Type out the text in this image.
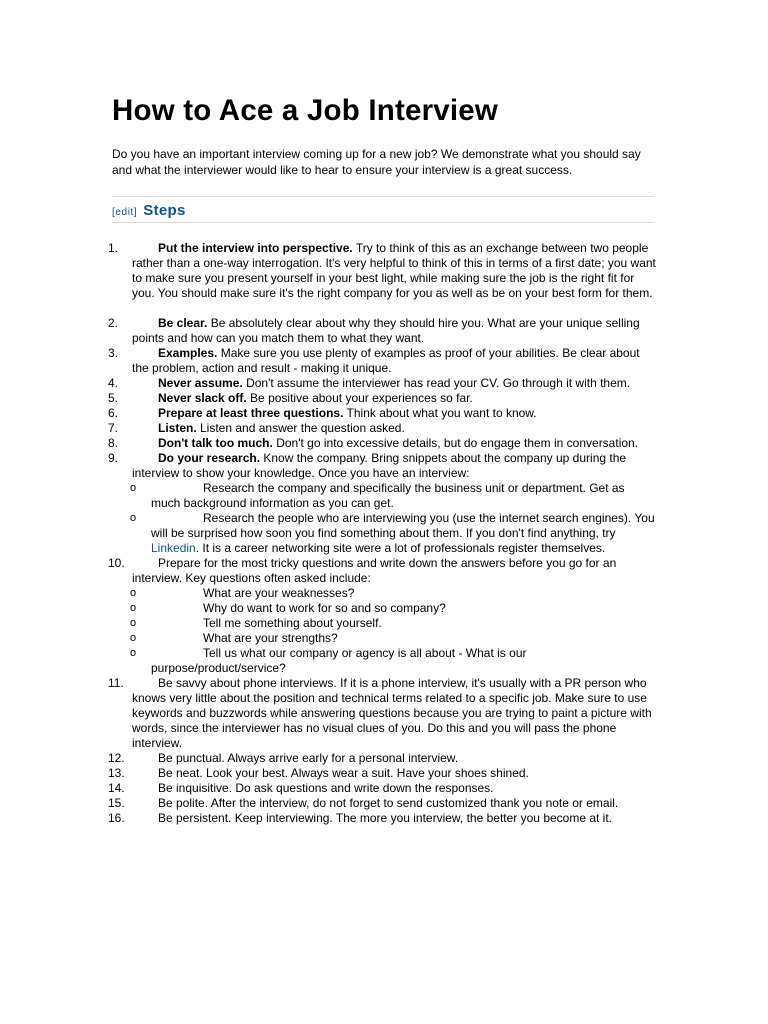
How to Ace a Job Interview

Do you have an important interview coming up for a new job? We demonstrate what you should say and what the interviewer would like to hear to ensure your interview is a great success.

[edit] Steps
1.	Put the interview into perspective. Try to think of this as an exchange between two people rather than a one-way interrogation. It's very helpful to think of this in terms of a first date; you want to make sure you present yourself in your best light, while making sure the job is the right fit for you. You should make sure it's the right company for you as well as be on your best form for them.
2.	Be clear. Be absolutely clear about why they should hire you. What are your unique selling points and how can you match them to what they want.
3.	Examples. Make sure you use plenty of examples as proof of your abilities. Be clear about the problem, action and result - making it unique.
4.	Never assume. Don't assume the interviewer has read your CV. Go through it with them.
5.	Never slack off. Be positive about your experiences so far.
6.	Prepare at least three questions. Think about what you want to know.
7.	Listen. Listen and answer the question asked.
8.	Don't talk too much. Don't go into excessive details, but do engage them in conversation.
9.	Do your research. Know the company. Bring snippets about the company up during the interview to show your knowledge. Once you have an interview:
o	Research the company and specifically the business unit or department. Get as much background information as you can get.
o	Research the people who are interviewing you (use the internet search engines). You will be surprised how soon you find something about them. If you don't find anything, try Linkedin. It is a career networking site were a lot of professionals register themselves.
10.	Prepare for the most tricky questions and write down the answers before you go for an interview. Key questions often asked include:
o	What are your weaknesses?
o	Why do want to work for so and so company?
o	Tell me something about yourself.
o	What are your strengths?
o	Tell us what our company or agency is all about - What is our purpose/product/service?
11.	Be savvy about phone interviews. If it is a phone interview, it's usually with a PR person who knows very little about the position and technical terms related to a specific job. Make sure to use keywords and buzzwords while answering questions because you are trying to paint a picture with words, since the interviewer has no visual clues of you. Do this and you will pass the phone interview.
12.	Be punctual. Always arrive early for a personal interview.
13.	Be neat. Look your best. Always wear a suit. Have your shoes shined.
14.	Be inquisitive. Do ask questions and write down the responses.
15.	Be polite. After the interview, do not forget to send customized thank you note or email.
16.	Be persistent. Keep interviewing. The more you interview, the better you become at it.
